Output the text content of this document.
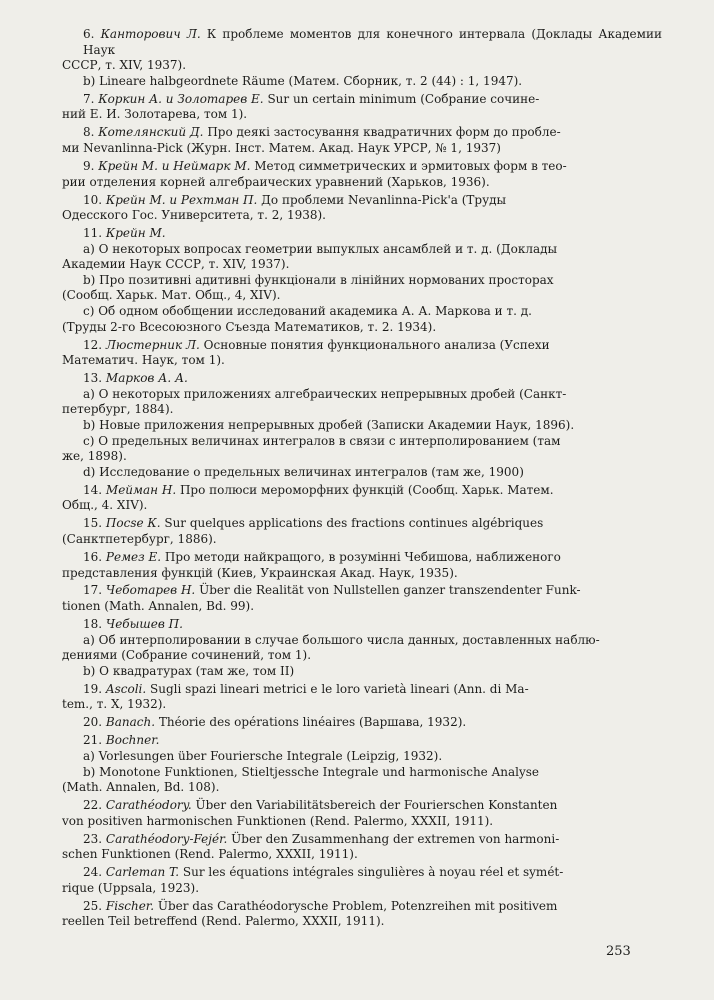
6. Канторович Л. К проблеме моментов для конечного интервала (Доклады Академии Наук
СССР, т. XIV, 1937).
b) Lineare halbgeordnete Räume (Матем. Сборник, т. 2 (44) : 1, 1947).
7. Коркин А. и Золотарев Е. Sur un certain minimum (Собрание сочине-
ний Е. И. Золотарева, том 1).
8. Котелянский Д. Про деякі застосування квадратичних форм до пробле-
ми Nevanlinna-Pick (Журн. Інст. Матем. Акад. Наук УРСР, № 1, 1937)
9. Крейн М. и Неймарк М. Метод симметрических и эрмитовых форм в тео-
рии отделения корней алгебраических уравнений (Харьков, 1936).
10. Крейн М. и Рехтман П. До проблеми Nevanlinna-Pick'a (Труды
Одесского Гос. Университета, т. 2, 1938).
11. Крейн М.
a) О некоторых вопросах геометрии выпуклых ансамблей и т. д. (Доклады
Академии Наук СССР, т. XIV, 1937).
b) Про позитивні адитивні функціонали в лінійних нормованих просторах
(Сообщ. Харьк. Мат. Общ., 4, XIV).
c) Об одном обобщении исследований академика А. А. Маркова и т. д.
(Труды 2-го Всесоюзного Съезда Математиков, т. 2. 1934).
12. Люстерник Л. Основные понятия функционального анализа (Успехи
Математич. Наук, том 1).
13. Марков А. А.
a) О некоторых приложениях алгебраических непрерывных дробей (Санкт-
петербург, 1884).
b) Новые приложения непрерывных дробей (Записки Академии Наук, 1896).
c) О предельных величинах интегралов в связи с интерполированием (там
же, 1898).
d) Исследование о предельных величинах интегралов (там же, 1900)
14. Мейман Н. Про полюси мероморфних функцій (Сообщ. Харьк. Матем.
Общ., 4. XIV).
15. Посse К. Sur quelques applications des fractions continues algébriques
(Санктпетербург, 1886).
16. Ремез Е. Про методи найкращого, в розумінні Чебишова, наближеного
представления функцій (Киев, Украинская Акад. Наук, 1935).
17. Чеботарев Н. Über die Realität von Nullstellen ganzer transzendenter Funk-
tionen (Math. Annalen, Bd. 99).
18. Чебышев П.
a) Об интерполировании в случае большого числа данных, доставленных наблю-
дениями (Собрание сочинений, том 1).
b) О квадратурах (там же, том II)
19. Ascoli. Sugli spazi lineari metrici e le loro varietà lineari (Ann. di Ma-
tem., т. X, 1932).
20. Banach. Théorie des opérations linéaires (Варшава, 1932).
21. Bochner.
a) Vorlesungen über Fouriersche Integrale (Leipzig, 1932).
b) Monotone Funktionen, Stieltjessche Integrale und harmonische Analyse
(Math. Annalen, Bd. 108).
22. Carathéodory. Über den Variabilitätsbereich der Fourierschen Konstanten
von positiven harmonischen Funktionen (Rend. Palermo, XXXII, 1911).
23. Carathéodory-Fejér. Über den Zusammenhang der extremen von harmoni-
schen Funktionen (Rend. Palermo, XXXII, 1911).
24. Carleman T. Sur les équations intégrales singulières à noyau réel et symét-
rique (Uppsala, 1923).
25. Fischer. Über das Carathéodorysche Problem, Potenzreihen mit positivem
reellen Teil betreffend (Rend. Palermo, XXXII, 1911).
253
